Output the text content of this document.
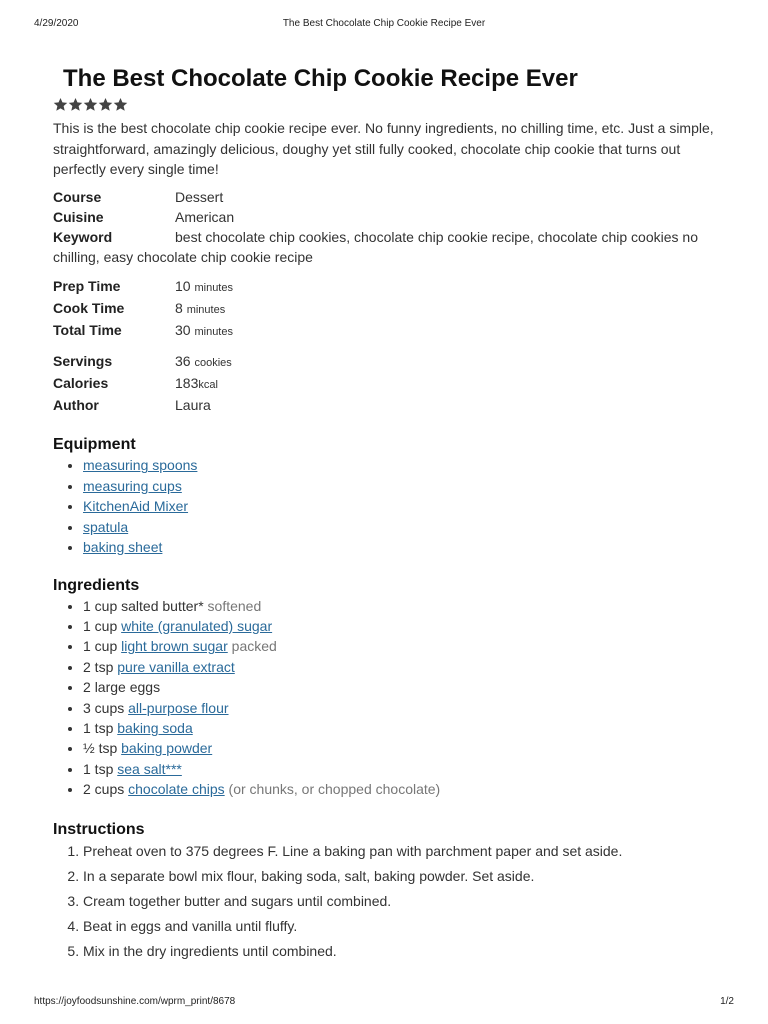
4/29/2020	The Best Chocolate Chip Cookie Recipe Ever
The Best Chocolate Chip Cookie Recipe Ever
This is the best chocolate chip cookie recipe ever. No funny ingredients, no chilling time, etc. Just a simple, straightforward, amazingly delicious, doughy yet still fully cooked, chocolate chip cookie that turns out perfectly every single time!
Course	Dessert
Cuisine	American
Keyword	best chocolate chip cookies, chocolate chip cookie recipe, chocolate chip cookies no chilling, easy chocolate chip cookie recipe
Prep Time	10 minutes
Cook Time	8 minutes
Total Time	30 minutes
Servings	36 cookies
Calories	183kcal
Author	Laura
Equipment
• measuring spoons
• measuring cups
• KitchenAid Mixer
• spatula
• baking sheet
Ingredients
• 1 cup salted butter* softened
• 1 cup white (granulated) sugar
• 1 cup light brown sugar packed
• 2 tsp pure vanilla extract
• 2 large eggs
• 3 cups all-purpose flour
• 1 tsp baking soda
• ½ tsp baking powder
• 1 tsp sea salt***
• 2 cups chocolate chips (or chunks, or chopped chocolate)
Instructions
1. Preheat oven to 375 degrees F. Line a baking pan with parchment paper and set aside.
2. In a separate bowl mix flour, baking soda, salt, baking powder. Set aside.
3. Cream together butter and sugars until combined.
4. Beat in eggs and vanilla until fluffy.
5. Mix in the dry ingredients until combined.
https://joyfoodsunshine.com/wprm_print/8678	1/2
